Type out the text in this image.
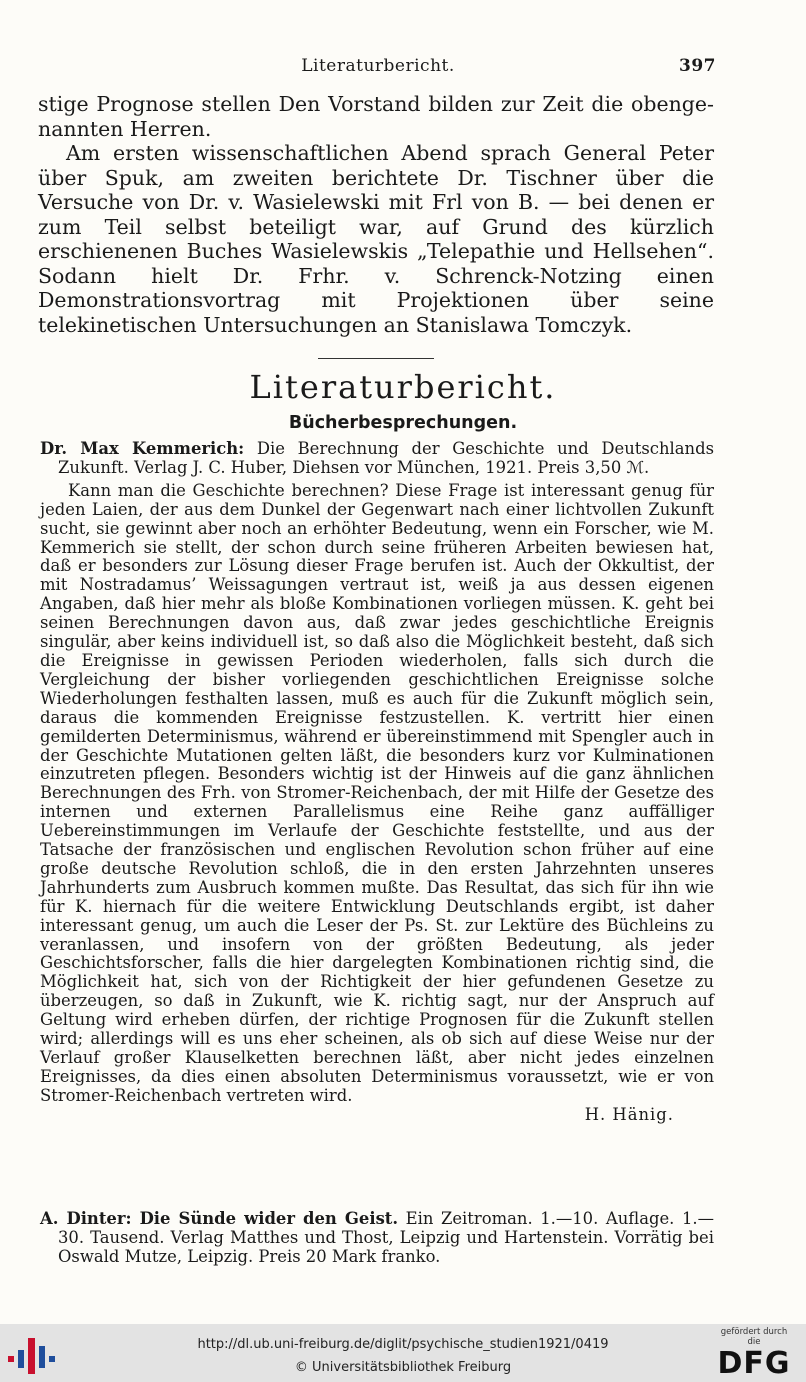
Literaturbericht.	397

stige Prognose stellen Den Vorstand bilden zur Zeit die obenge-nannten Herren.

Am ersten wissenschaftlichen Abend sprach General Peter über Spuk, am zweiten berichtete Dr. Tischner über die Versuche von Dr. v. Wasielewski mit Frl von B. — bei denen er zum Teil selbst beteiligt war, auf Grund des kürzlich erschienenen Buches Wasielewskis „Telepathie und Hellsehen“. Sodann hielt Dr. Frhr. v. Schrenck-Notzing einen Demonstrationsvortrag mit Projektionen über seine telekinetischen Untersuchungen an Stanislawa Tomczyk.

Literaturbericht.
Bücherbesprechungen.

Dr. Max Kemmerich: Die Berechnung der Geschichte und Deutschlands Zukunft. Verlag J. C. Huber, Diehsen vor München, 1921. Preis 3,50 ℳ.

Kann man die Geschichte berechnen? Diese Frage ist interessant genug für jeden Laien, der aus dem Dunkel der Gegenwart nach einer lichtvollen Zukunft sucht, sie gewinnt aber noch an erhöhter Bedeutung, wenn ein Forscher, wie M. Kemmerich sie stellt, der schon durch seine früheren Arbeiten bewiesen hat, daß er besonders zur Lösung dieser Frage berufen ist. Auch der Okkultist, der mit Nostradamus’ Weissagungen vertraut ist, weiß ja aus dessen eigenen Angaben, daß hier mehr als bloße Kombinationen vorliegen müssen. K. geht bei seinen Berechnungen davon aus, daß zwar jedes geschichtliche Ereignis singulär, aber keins individuell ist, so daß also die Möglichkeit besteht, daß sich die Ereignisse in gewissen Perioden wiederholen, falls sich durch die Vergleichung der bisher vorliegenden geschichtlichen Ereignisse solche Wiederholungen festhalten lassen, muß es auch für die Zukunft möglich sein, daraus die kommenden Ereignisse festzustellen. K. vertritt hier einen gemilderten Determinismus, während er übereinstimmend mit Spengler auch in der Geschichte Mutationen gelten läßt, die besonders kurz vor Kulminationen einzutreten pflegen. Besonders wichtig ist der Hinweis auf die ganz ähnlichen Berechnungen des Frh. von Stromer-Reichenbach, der mit Hilfe der Gesetze des internen und externen Parallelismus eine Reihe ganz auffälliger Uebereinstimmungen im Verlaufe der Geschichte feststellte, und aus der Tatsache der französischen und englischen Revolution schon früher auf eine große deutsche Revolution schloß, die in den ersten Jahrzehnten unseres Jahrhunderts zum Ausbruch kommen mußte. Das Resultat, das sich für ihn wie für K. hiernach für die weitere Entwicklung Deutschlands ergibt, ist daher interessant genug, um auch die Leser der Ps. St. zur Lektüre des Büchleins zu veranlassen, und insofern von der größten Bedeutung, als jeder Geschichtsforscher, falls die hier dargelegten Kombinationen richtig sind, die Möglichkeit hat, sich von der Richtigkeit der hier gefundenen Gesetze zu überzeugen, so daß in Zukunft, wie K. richtig sagt, nur der Anspruch auf Geltung wird erheben dürfen, der richtige Prognosen für die Zukunft stellen wird; allerdings will es uns eher scheinen, als ob sich auf diese Weise nur der Verlauf großer Klauselketten berechnen läßt, aber nicht jedes einzelnen Ereignisses, da dies einen absoluten Determinismus voraussetzt, wie er von Stromer-Reichenbach vertreten wird.

H. Hänig.

A. Dinter: Die Sünde wider den Geist. Ein Zeitroman. 1.—10. Auflage. 1.—30. Tausend. Verlag Matthes und Thost, Leipzig und Hartenstein. Vorrätig bei Oswald Mutze, Leipzig. Preis 20 Mark franko.

http://dl.ub.uni-freiburg.de/diglit/psychische_studien1921/0419
© Universitätsbibliothek Freiburg
gefördert durch die
DFG
